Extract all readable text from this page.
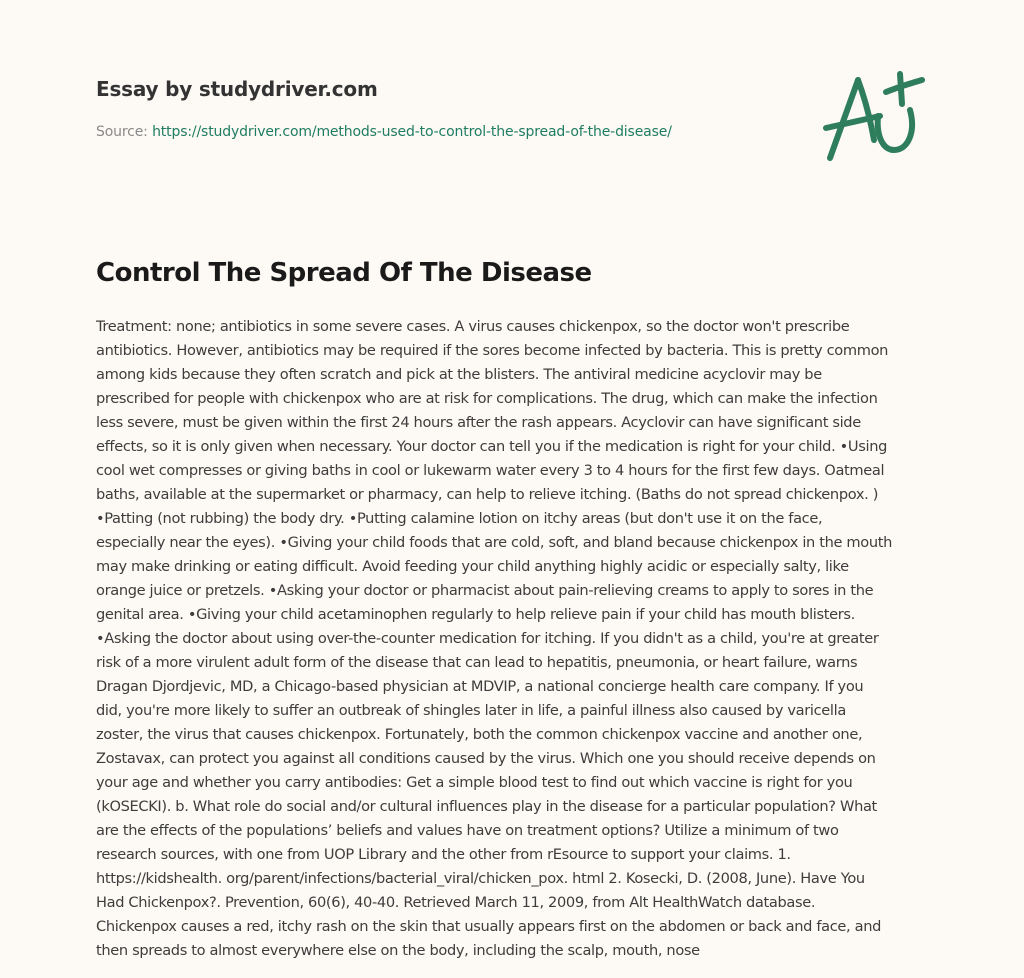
Essay by studydriver.com
Source: https://studydriver.com/methods-used-to-control-the-spread-of-the-disease/
Control The Spread Of The Disease
Treatment: none; antibiotics in some severe cases. A virus causes chickenpox, so the doctor won't prescribe
antibiotics. However, antibiotics may be required if the sores become infected by bacteria. This is pretty common
among kids because they often scratch and pick at the blisters. The antiviral medicine acyclovir may be
prescribed for people with chickenpox who are at risk for complications. The drug, which can make the infection
less severe, must be given within the first 24 hours after the rash appears. Acyclovir can have significant side
effects, so it is only given when necessary. Your doctor can tell you if the medication is right for your child. •Using
cool wet compresses or giving baths in cool or lukewarm water every 3 to 4 hours for the first few days. Oatmeal
baths, available at the supermarket or pharmacy, can help to relieve itching. (Baths do not spread chickenpox. )
•Patting (not rubbing) the body dry. •Putting calamine lotion on itchy areas (but don't use it on the face,
especially near the eyes). •Giving your child foods that are cold, soft, and bland because chickenpox in the mouth
may make drinking or eating difficult. Avoid feeding your child anything highly acidic or especially salty, like
orange juice or pretzels. •Asking your doctor or pharmacist about pain-relieving creams to apply to sores in the
genital area. •Giving your child acetaminophen regularly to help relieve pain if your child has mouth blisters.
•Asking the doctor about using over-the-counter medication for itching. If you didn't as a child, you're at greater
risk of a more virulent adult form of the disease that can lead to hepatitis, pneumonia, or heart failure, warns
Dragan Djordjevic, MD, a Chicago-based physician at MDVIP, a national concierge health care company. If you
did, you're more likely to suffer an outbreak of shingles later in life, a painful illness also caused by varicella
zoster, the virus that causes chickenpox. Fortunately, both the common chickenpox vaccine and another one,
Zostavax, can protect you against all conditions caused by the virus. Which one you should receive depends on
your age and whether you carry antibodies: Get a simple blood test to find out which vaccine is right for you
(kOSECKI). b. What role do social and/or cultural influences play in the disease for a particular population? What
are the effects of the populations’ beliefs and values have on treatment options? Utilize a minimum of two
research sources, with one from UOP Library and the other from rEsource to support your claims. 1.
https://kidshealth. org/parent/infections/bacterial_viral/chicken_pox. html 2. Kosecki, D. (2008, June). Have You
Had Chickenpox?. Prevention, 60(6), 40-40. Retrieved March 11, 2009, from Alt HealthWatch database.
Chickenpox causes a red, itchy rash on the skin that usually appears first on the abdomen or back and face, and
then spreads to almost everywhere else on the body, including the scalp, mouth, nose
